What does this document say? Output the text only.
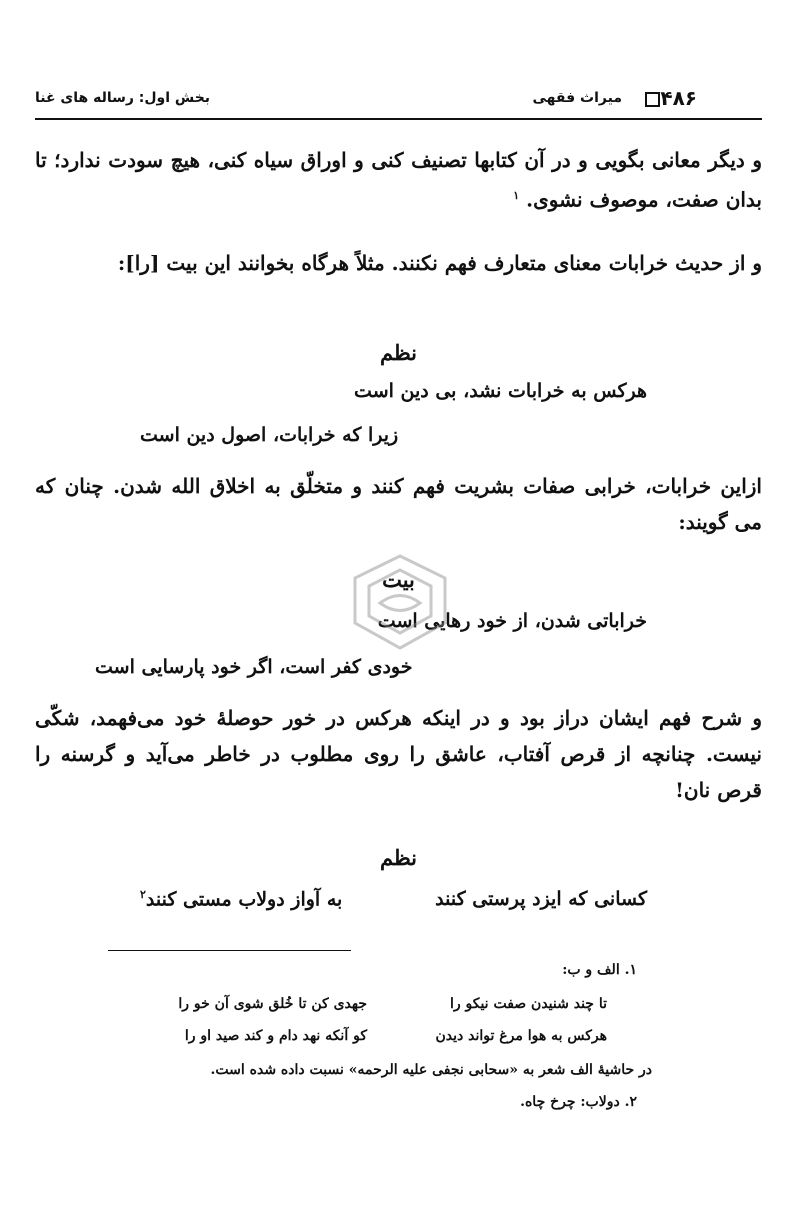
۴۸۶
میراث فقهی
بخش اول: رساله های غنا
و دیگر معانی بگویی و در آن کتابها تصنیف کنی و اوراق سیاه کنی، هیچ سودت ندارد؛ تا بدان صفت، موصوف نشوی. $^۱$
و از حدیث خرابات معنای متعارف فهم نکنند. مثلاً هرگاه بخوانند این بیت [را]:
نظم
هرکس به خرابات نشد، بی دین است
زیرا که خرابات، اصول دین است
ازاین خرابات، خرابی صفات بشریت فهم کنند و متخلّق به اخلاق الله شدن. چنان که می گویند:
بیت
خراباتی شدن، از خود رهایی است
خودی کفر است، اگر خود پارسایی است
و شرح فهم ایشان دراز بود و در اینکه هرکس در خور حوصلهٔ خود می‌فهمد، شکّی نیست. چنانچه از قرص آفتاب، عاشق را روی مطلوب در خاطر می‌آید و گرسنه را قرص نان!
نظم
کسانی که ایزد پرستی کنند
به آواز دولاب مستی کنند$^۲$
۱. الف و ب:
تا چند شنیدن صفت نیکو را
جهدی کن تا خُلق شوی آن خو را
هرکس به هوا مرغ تواند دیدن
کو آنکه نهد دام و کند صید او را
در حاشیهٔ الف شعر به «سحابی نجفی علیه الرحمه» نسبت داده شده است.
۲. دولاب: چرخ چاه.
